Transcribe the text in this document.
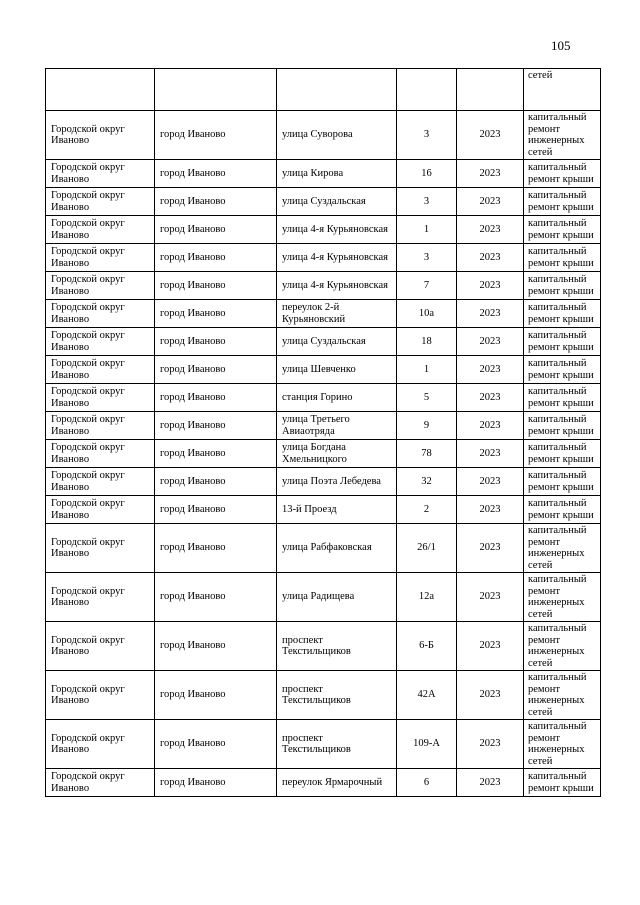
105
					сетей
Городской округ Иваново	город Иваново	улица Суворова	3	2023	капитальный ремонт инженерных сетей
Городской округ Иваново	город Иваново	улица Кирова	16	2023	капитальный ремонт крыши
Городской округ Иваново	город Иваново	улица Суздальская	3	2023	капитальный ремонт крыши
Городской округ Иваново	город Иваново	улица 4-я Курьяновская	1	2023	капитальный ремонт крыши
Городской округ Иваново	город Иваново	улица 4-я Курьяновская	3	2023	капитальный ремонт крыши
Городской округ Иваново	город Иваново	улица 4-я Курьяновская	7	2023	капитальный ремонт крыши
Городской округ Иваново	город Иваново	переулок 2-й Курьяновский	10а	2023	капитальный ремонт крыши
Городской округ Иваново	город Иваново	улица Суздальская	18	2023	капитальный ремонт крыши
Городской округ Иваново	город Иваново	улица Шевченко	1	2023	капитальный ремонт крыши
Городской округ Иваново	город Иваново	станция Горино	5	2023	капитальный ремонт крыши
Городской округ Иваново	город Иваново	улица Третьего Авиаотряда	9	2023	капитальный ремонт крыши
Городской округ Иваново	город Иваново	улица Богдана Хмельницкого	78	2023	капитальный ремонт крыши
Городской округ Иваново	город Иваново	улица Поэта Лебедева	32	2023	капитальный ремонт крыши
Городской округ Иваново	город Иваново	13-й Проезд	2	2023	капитальный ремонт крыши
Городской округ Иваново	город Иваново	улица Рабфаковская	26/1	2023	капитальный ремонт инженерных сетей
Городской округ Иваново	город Иваново	улица Радищева	12а	2023	капитальный ремонт инженерных сетей
Городской округ Иваново	город Иваново	проспект Текстильщиков	6-Б	2023	капитальный ремонт инженерных сетей
Городской округ Иваново	город Иваново	проспект Текстильщиков	42А	2023	капитальный ремонт инженерных сетей
Городской округ Иваново	город Иваново	проспект Текстильщиков	109-А	2023	капитальный ремонт инженерных сетей
Городской округ Иваново	город Иваново	переулок Ярмарочный	6	2023	капитальный ремонт крыши
